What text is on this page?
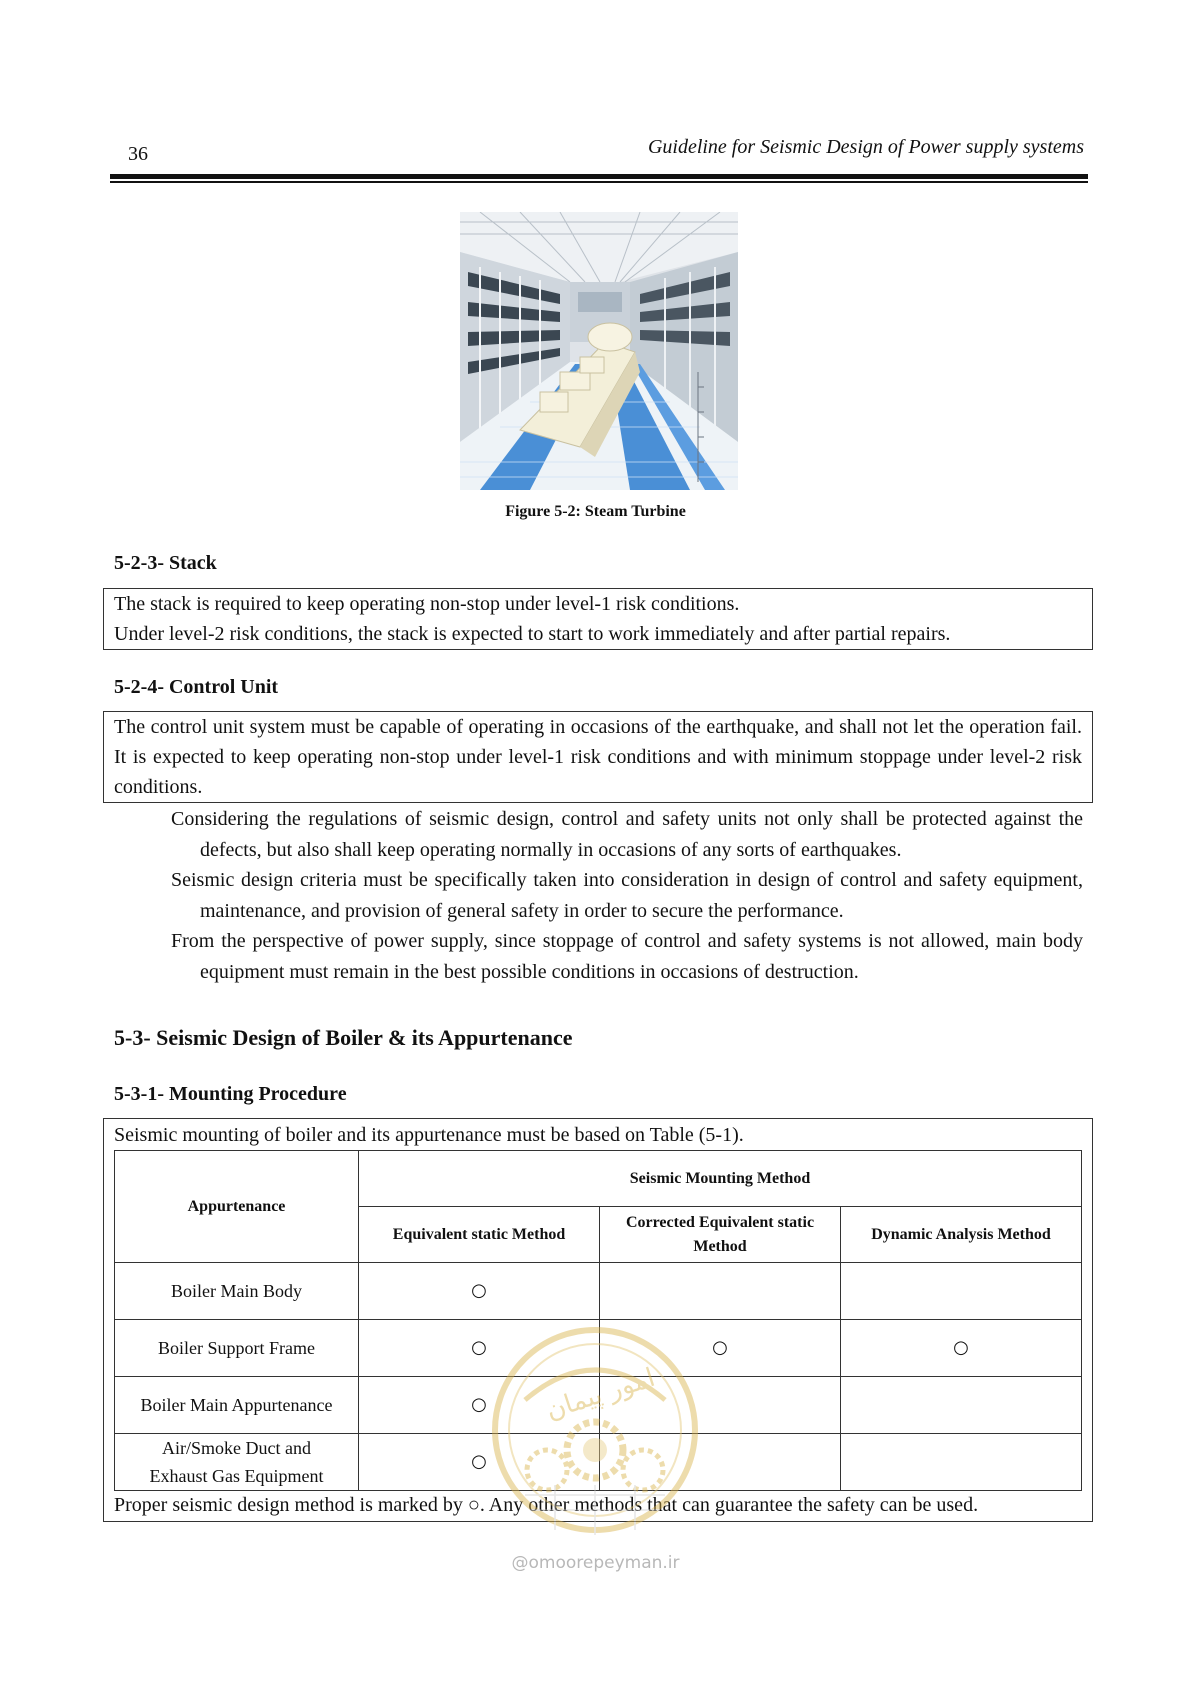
36	Guideline for Seismic Design of Power supply systems
Figure 5-2: Steam Turbine
5-2-3- Stack

The stack is required to keep operating non-stop under level-1 risk conditions.

Under level-2 risk conditions, the stack is expected to start to work immediately and after partial repairs.

5-2-4- Control Unit

The control unit system must be capable of operating in occasions of the earthquake, and shall not let the operation fail. It is expected to keep operating non-stop under level-1 risk conditions and with minimum stoppage under level-2 risk conditions.

Considering the regulations of seismic design, control and safety units not only shall be protected against the defects, but also shall keep operating normally in occasions of any sorts of earthquakes.

Seismic design criteria must be specifically taken into consideration in design of control and safety equipment, maintenance, and provision of general safety in order to secure the performance.

From the perspective of power supply, since stoppage of control and safety systems is not allowed, main body equipment must remain in the best possible conditions in occasions of destruction.

5-3- Seismic Design of Boiler & its Appurtenance
5-3-1- Mounting Procedure

Seismic mounting of boiler and its appurtenance must be based on Table (5-1).

Proper seismic design method is marked by ○. Any other methods that can guarantee the safety can be used.

Appurtenance	Seismic Mounting Method		
	Equivalent static Method	Corrected Equivalent static Method	Dynamic Analysis Method
Boiler Main Body	○		
Boiler Support Frame	○	○	○
Boiler Main Appurtenance	○		
Air/Smoke Duct and Exhaust Gas Equipment	○		
امور پیمان
@omoorepeyman.ir
